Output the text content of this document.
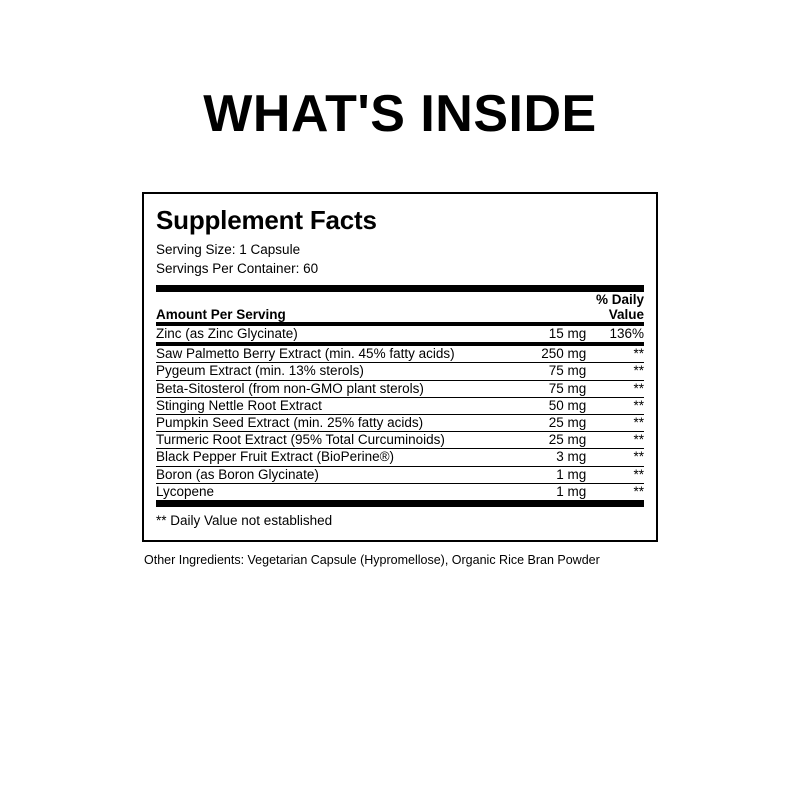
WHAT'S INSIDE
Supplement Facts
Serving Size: 1 Capsule
Servings Per Container: 60
Amount Per Serving		% Daily Value
Zinc (as Zinc Glycinate)	15 mg	136%
Saw Palmetto Berry Extract (min. 45% fatty acids)	250 mg	**
Pygeum Extract (min. 13% sterols)	75 mg	**
Beta-Sitosterol (from non-GMO plant sterols)	75 mg	**
Stinging Nettle Root Extract	50 mg	**
Pumpkin Seed Extract (min. 25% fatty acids)	25 mg	**
Turmeric Root Extract (95% Total Curcuminoids)	25 mg	**
Black Pepper Fruit Extract (BioPerine®)	3 mg	**
Boron (as Boron Glycinate)	1 mg	**
Lycopene	1 mg	**
** Daily Value not established
Other Ingredients: Vegetarian Capsule (Hypromellose), Organic Rice Bran Powder
